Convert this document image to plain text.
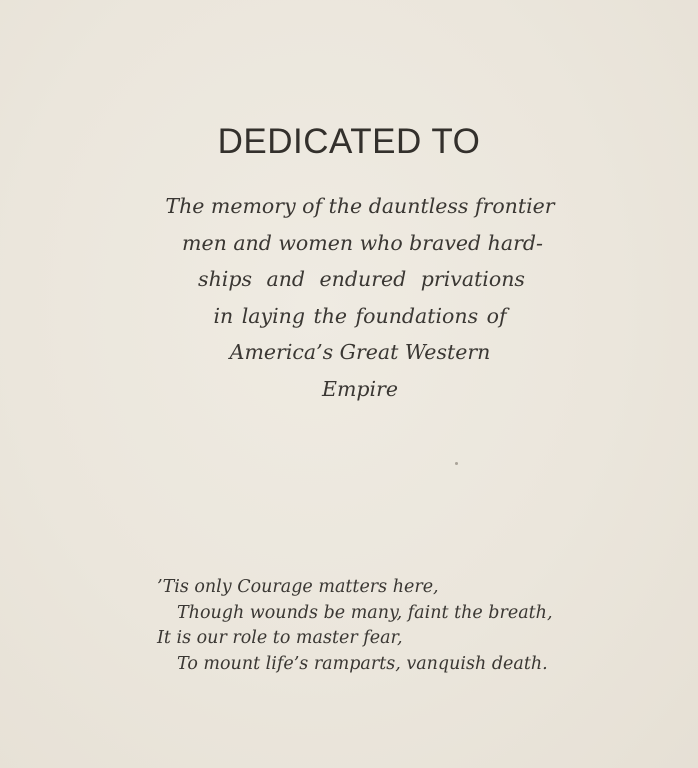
DEDICATED TO
The memory of the dauntless frontier
men and women who braved hard-
ships and endured privations
in laying the foundations of
America’s Great Western
Empire
’Tis only Courage matters here,
Though wounds be many, faint the breath,
It is our role to master fear,
To mount life’s ramparts, vanquish death.
